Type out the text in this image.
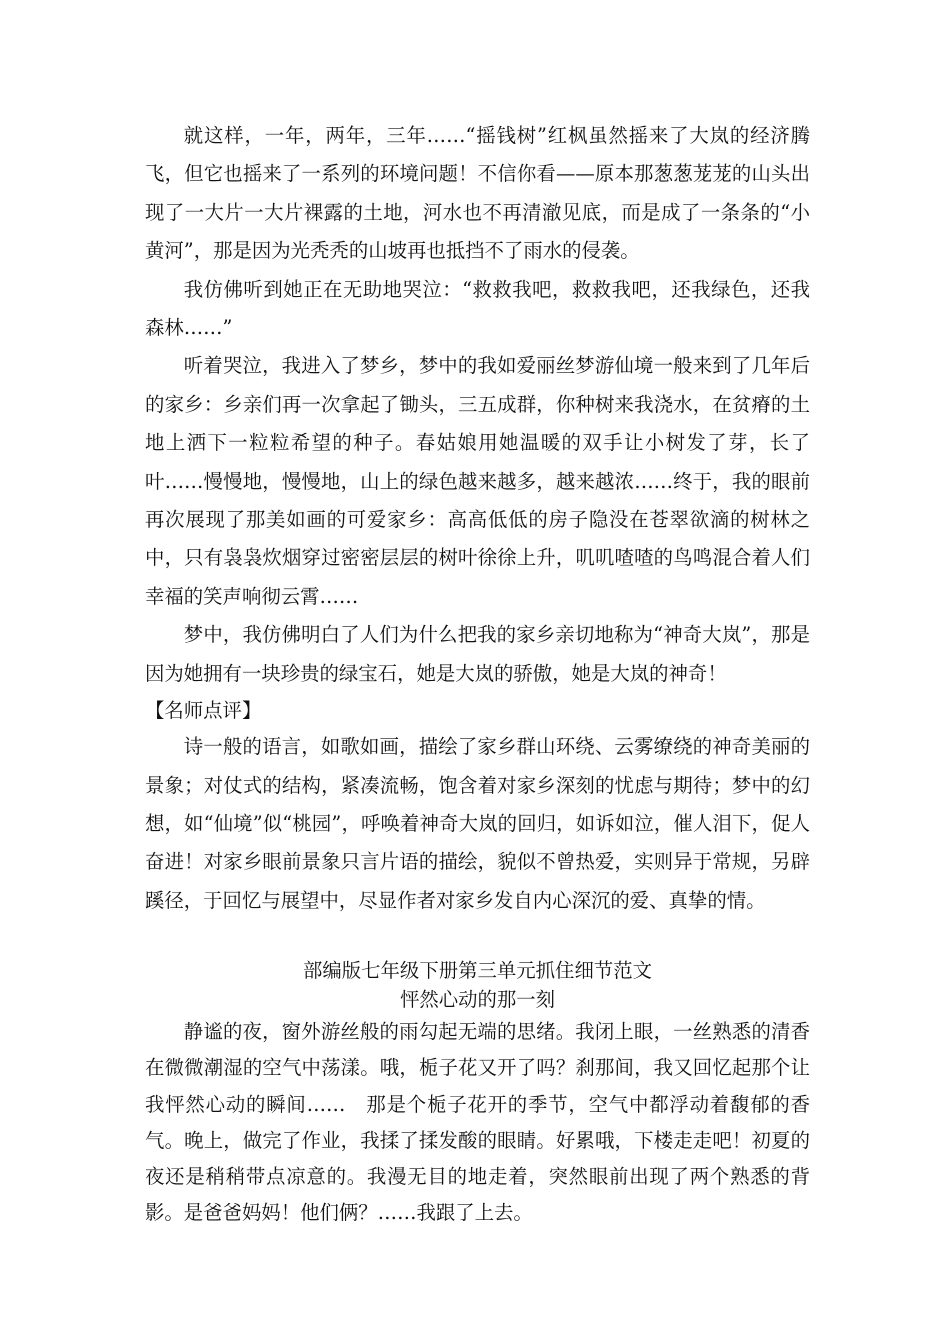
就这样，一年，两年，三年……“摇钱树”红枫虽然摇来了大岚的经济腾飞，但它也摇来了一系列的环境问题！不信你看——原本那葱葱茏茏的山头出现了一大片一大片裸露的土地，河水也不再清澈见底，而是成了一条条的“小黄河”，那是因为光秃秃的山坡再也抵挡不了雨水的侵袭。

我仿佛听到她正在无助地哭泣：“救救我吧，救救我吧，还我绿色，还我森林……”

听着哭泣，我进入了梦乡，梦中的我如爱丽丝梦游仙境一般来到了几年后的家乡：乡亲们再一次拿起了锄头，三五成群，你种树来我浇水，在贫瘠的土地上洒下一粒粒希望的种子。春姑娘用她温暖的双手让小树发了芽，长了叶……慢慢地，慢慢地，山上的绿色越来越多，越来越浓……终于，我的眼前再次展现了那美如画的可爱家乡：高高低低的房子隐没在苍翠欲滴的树林之中，只有袅袅炊烟穿过密密层层的树叶徐徐上升，叽叽喳喳的鸟鸣混合着人们幸福的笑声响彻云霄……

梦中，我仿佛明白了人们为什么把我的家乡亲切地称为“神奇大岚”，那是因为她拥有一块珍贵的绿宝石，她是大岚的骄傲，她是大岚的神奇！

【名师点评】

诗一般的语言，如歌如画，描绘了家乡群山环绕、云雾缭绕的神奇美丽的景象；对仗式的结构，紧凑流畅，饱含着对家乡深刻的忧虑与期待；梦中的幻想，如“仙境”似“桃园”，呼唤着神奇大岚的回归，如诉如泣，催人泪下，促人奋进！对家乡眼前景象只言片语的描绘，貌似不曾热爱，实则异于常规，另辟蹊径，于回忆与展望中，尽显作者对家乡发自内心深沉的爱、真挚的情。

部编版七年级下册第三单元抓住细节范文

怦然心动的那一刻

静谧的夜，窗外游丝般的雨勾起无端的思绪。我闭上眼，一丝熟悉的清香在微微潮湿的空气中荡漾。哦，栀子花又开了吗？刹那间，我又回忆起那个让我怦然心动的瞬间……　那是个栀子花开的季节，空气中都浮动着馥郁的香气。晚上，做完了作业，我揉了揉发酸的眼睛。好累哦，下楼走走吧！初夏的夜还是稍稍带点凉意的。我漫无目的地走着，突然眼前出现了两个熟悉的背影。是爸爸妈妈！他们俩？……我跟了上去。
